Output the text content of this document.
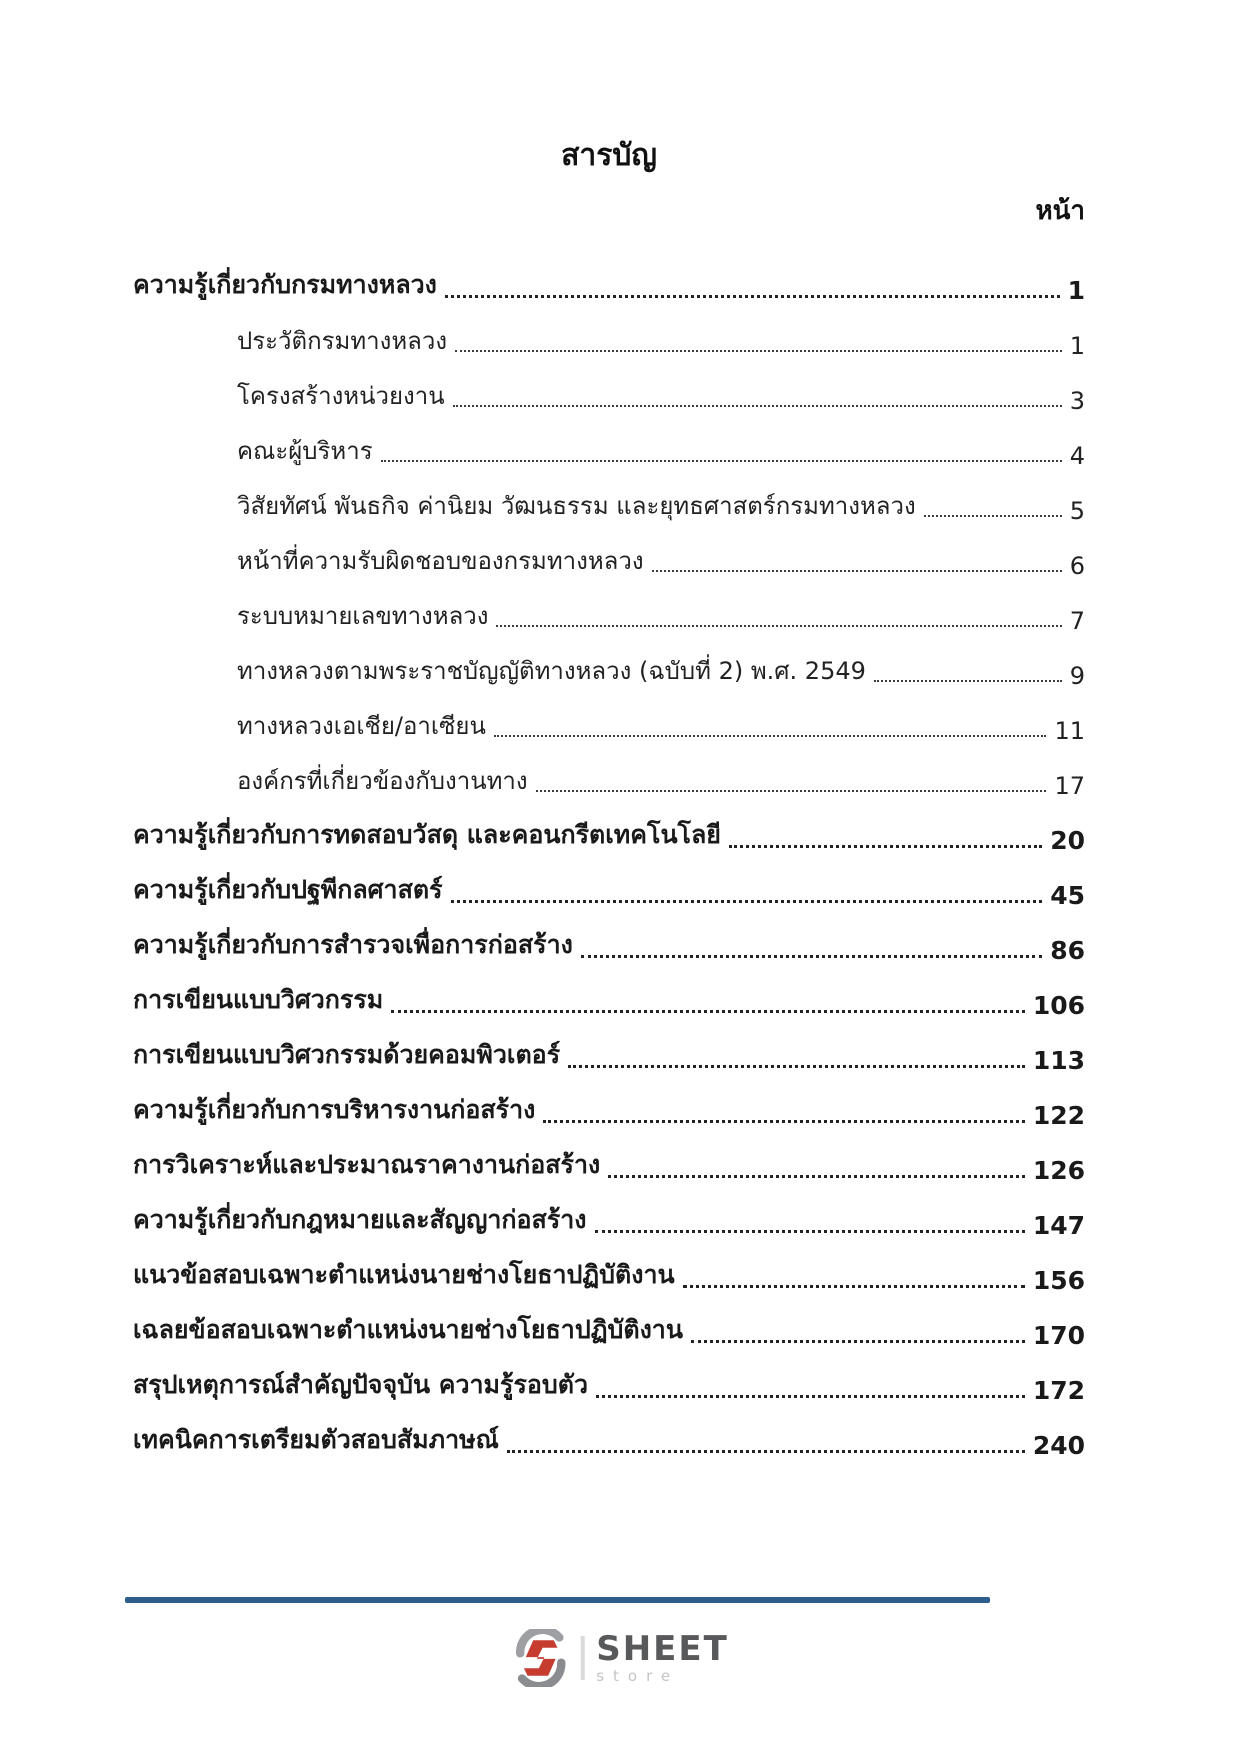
สารบัญ
หน้า
ความรู้เกี่ยวกับกรมทางหลวง	1
ประวัติกรมทางหลวง	1
โครงสร้างหน่วยงาน	3
คณะผู้บริหาร	4
วิสัยทัศน์ พันธกิจ ค่านิยม วัฒนธรรม และยุทธศาสตร์กรมทางหลวง	5
หน้าที่ความรับผิดชอบของกรมทางหลวง	6
ระบบหมายเลขทางหลวง	7
ทางหลวงตามพระราชบัญญัติทางหลวง (ฉบับที่ 2) พ.ศ. 2549	9
ทางหลวงเอเชีย/อาเซียน	11
องค์กรที่เกี่ยวข้องกับงานทาง	17
ความรู้เกี่ยวกับการทดสอบวัสดุ และคอนกรีตเทคโนโลยี	20
ความรู้เกี่ยวกับปฐพีกลศาสตร์	45
ความรู้เกี่ยวกับการสำรวจเพื่อการก่อสร้าง	86
การเขียนแบบวิศวกรรม	106
การเขียนแบบวิศวกรรมด้วยคอมพิวเตอร์	113
ความรู้เกี่ยวกับการบริหารงานก่อสร้าง	122
การวิเคราะห์และประมาณราคางานก่อสร้าง	126
ความรู้เกี่ยวกับกฎหมายและสัญญาก่อสร้าง	147
แนวข้อสอบเฉพาะตำแหน่งนายช่างโยธาปฏิบัติงาน	156
เฉลยข้อสอบเฉพาะตำแหน่งนายช่างโยธาปฏิบัติงาน	170
สรุปเหตุการณ์สำคัญปัจจุบัน ความรู้รอบตัว	172
เทคนิคการเตรียมตัวสอบสัมภาษณ์	240
SHEET
store
